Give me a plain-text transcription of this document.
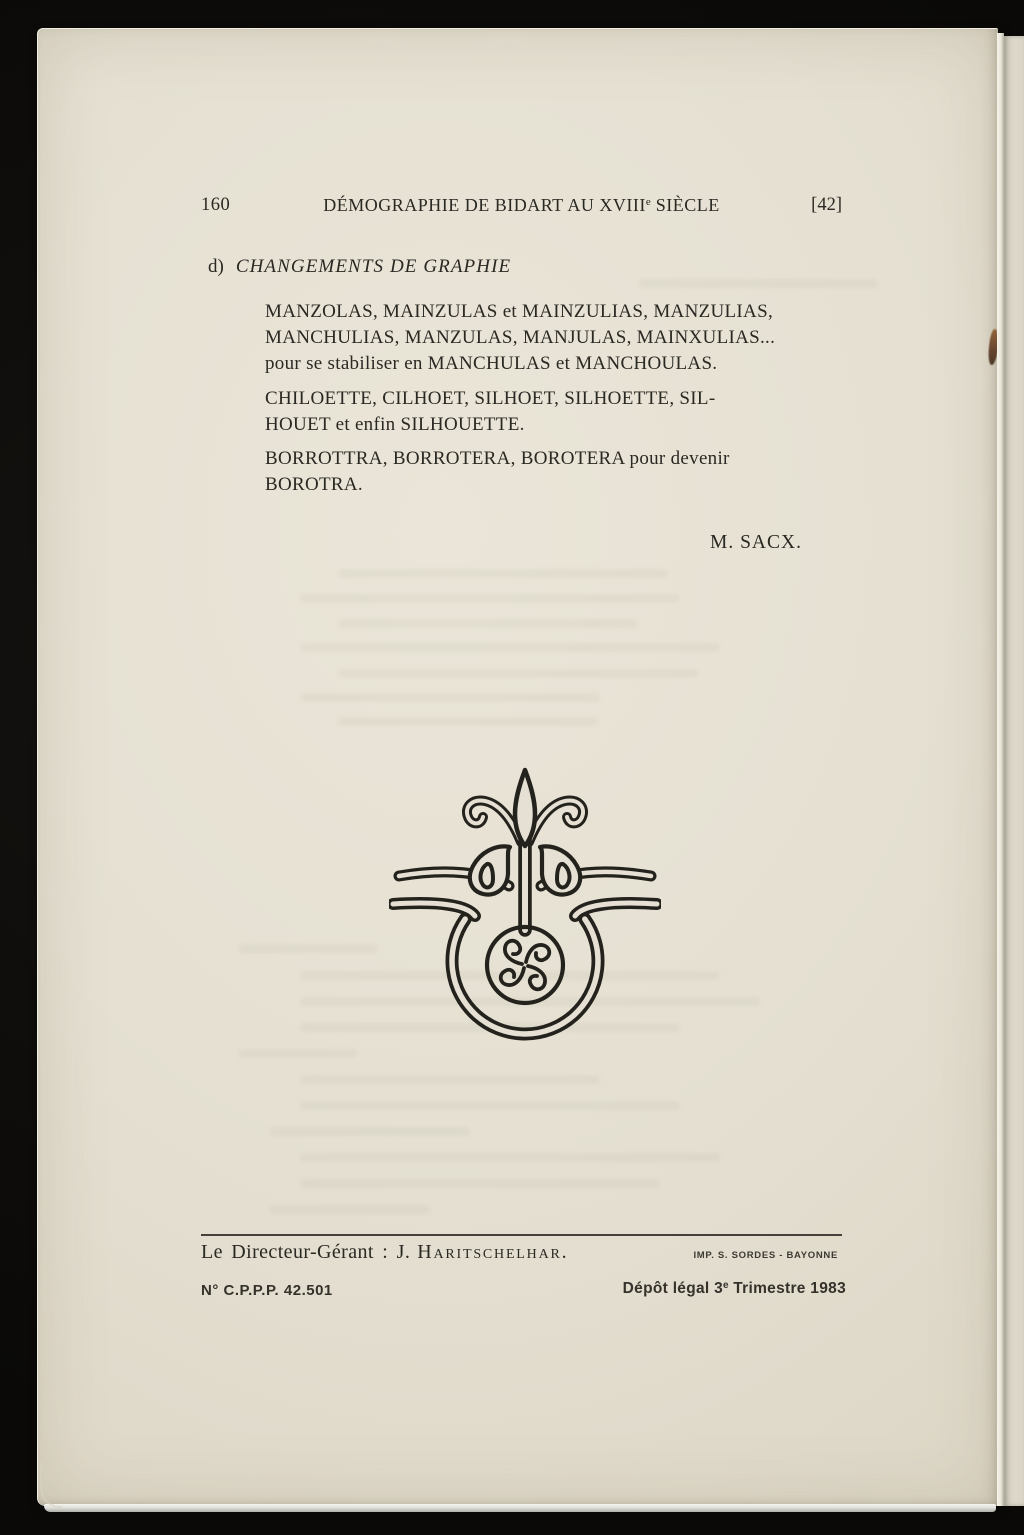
160	DÉMOGRAPHIE DE BIDART AU XVIIIe SIÈCLE	[42]
d) CHANGEMENTS DE GRAPHIE
MANZOLAS, MAINZULAS et MAINZULIAS, MANZULIAS,
MANCHULIAS, MANZULAS, MANJULAS, MAINXULIAS...
pour se stabiliser en MANCHULAS et MANCHOULAS.
CHILOETTE, CILHOET, SILHOET, SILHOETTE, SIL-
HOUET et enfin SILHOUETTE.
BORROTTRA, BORROTERA, BOROTERA pour devenir
BOROTRA.
M. SACX.
Le Directeur-Gérant : J. Haritschelhar.	IMP. S. SORDES - BAYONNE
N° C.P.P.P. 42.501	Dépôt légal 3e Trimestre 1983
